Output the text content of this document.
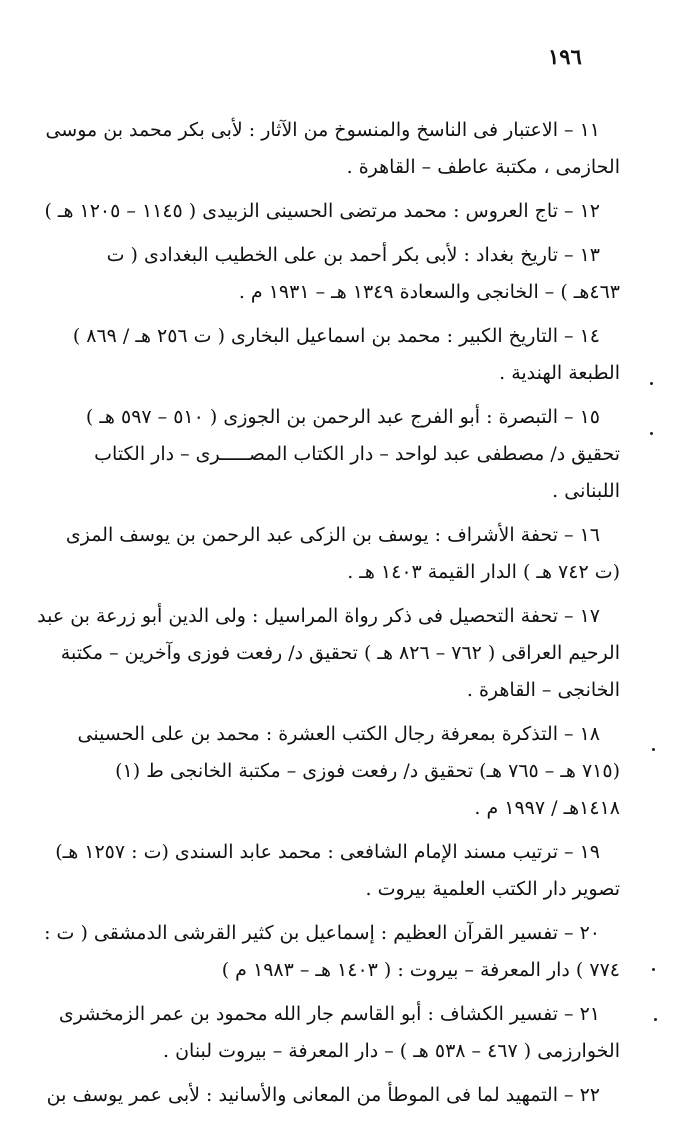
١٩٦
١١ – الاعتبار فى الناسخ والمنسوخ من الآثار : لأبى بكر محمد بن موسى
الحازمى ، مكتبة عاطف – القاهرة .
١٢ – تاج العروس : محمد مرتضى الحسينى الزبيدى ( ١١٤٥ – ١٢٠٥ هـ )
١٣ – تاريخ بغداد : لأبى بكر أحمد بن على الخطيب البغدادى ( ت
٤٦٣هـ ) – الخانجى والسعادة ١٣٤٩ هـ – ١٩٣١ م .
١٤ – التاريخ الكبير : محمد بن اسماعيل البخارى ( ت ٢٥٦ هـ / ٨٦٩ )
الطبعة الهندية .
١٥ – التبصرة : أبو الفرج عبد الرحمن بن الجوزى ( ٥١٠ – ٥٩٧ هـ )
تحقيق د/ مصطفى عبد لواحد – دار الكتاب المصـــــرى – دار الكتاب
اللبنانى .
١٦ – تحفة الأشراف : يوسف بن الزكى عبد الرحمن بن يوسف المزى
(ت ٧٤٢ هـ ) الدار القيمة ١٤٠٣ هـ .
١٧ – تحفة التحصيل فى ذكر رواة المراسيل : ولى الدين أبو زرعة بن عبد
الرحيم العراقى ( ٧٦٢ – ٨٢٦ هـ ) تحقيق د/ رفعت فوزى وآخرين – مكتبة
الخانجى – القاهرة .
١٨ – التذكرة بمعرفة رجال الكتب العشرة : محمد بن على الحسينى
(٧١٥ هـ – ٧٦٥ هـ) تحقيق د/ رفعت فوزى – مكتبة الخانجى ط (١)
١٤١٨هـ / ١٩٩٧ م .
١٩ – ترتيب مسند الإمام الشافعى : محمد عابد السندى (ت : ١٢٥٧ هـ)
تصوير دار الكتب العلمية بيروت .
٢٠ – تفسير القرآن العظيم : إسماعيل بن كثير القرشى الدمشقى ( ت :
٧٧٤ ) دار المعرفة – بيروت : ( ١٤٠٣ هـ – ١٩٨٣ م )
٢١ – تفسير الكشاف : أبو القاسم جار الله محمود بن عمر الزمخشرى
الخوارزمى ( ٤٦٧ – ٥٣٨ هـ ) – دار المعرفة – بيروت لبنان .
٢٢ – التمهيد لما فى الموطأ من المعانى والأسانيد : لأبى عمر يوسف بن
